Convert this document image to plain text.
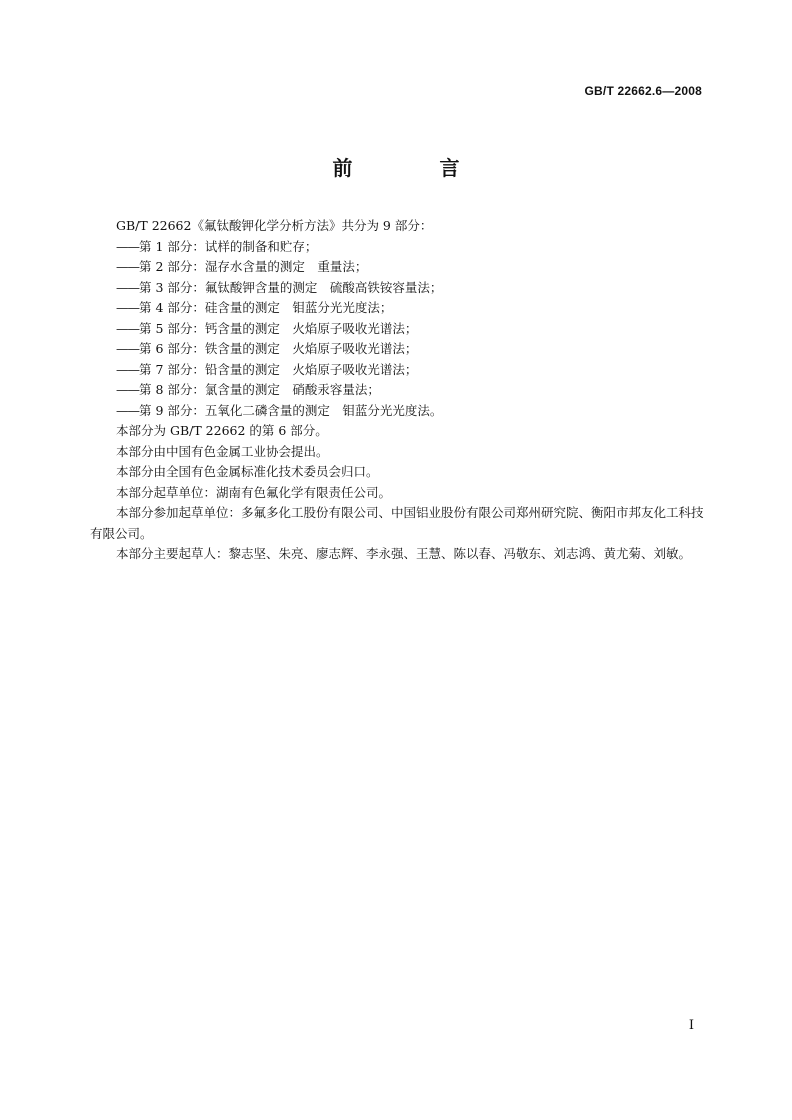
GB/T 22662.6—2008
前 言

GB/T 22662《氟钛酸钾化学分析方法》共分为 9 部分：

——第 1 部分：试样的制备和贮存；
——第 2 部分：湿存水含量的测定　重量法；
——第 3 部分：氟钛酸钾含量的测定　硫酸高铁铵容量法；
——第 4 部分：硅含量的测定　钼蓝分光光度法；
——第 5 部分：钙含量的测定　火焰原子吸收光谱法；
——第 6 部分：铁含量的测定　火焰原子吸收光谱法；
——第 7 部分：铅含量的测定　火焰原子吸收光谱法；
——第 8 部分：氯含量的测定　硝酸汞容量法；
——第 9 部分：五氧化二磷含量的测定　钼蓝分光光度法。

本部分为 GB/T 22662 的第 6 部分。

本部分由中国有色金属工业协会提出。

本部分由全国有色金属标准化技术委员会归口。

本部分起草单位：湖南有色氟化学有限责任公司。

本部分参加起草单位：多氟多化工股份有限公司、中国铝业股份有限公司郑州研究院、衡阳市邦友化工科技有限公司。

本部分主要起草人：黎志坚、朱亮、廖志辉、李永强、王慧、陈以春、冯敬东、刘志鸿、黄尤菊、刘敏。

I
